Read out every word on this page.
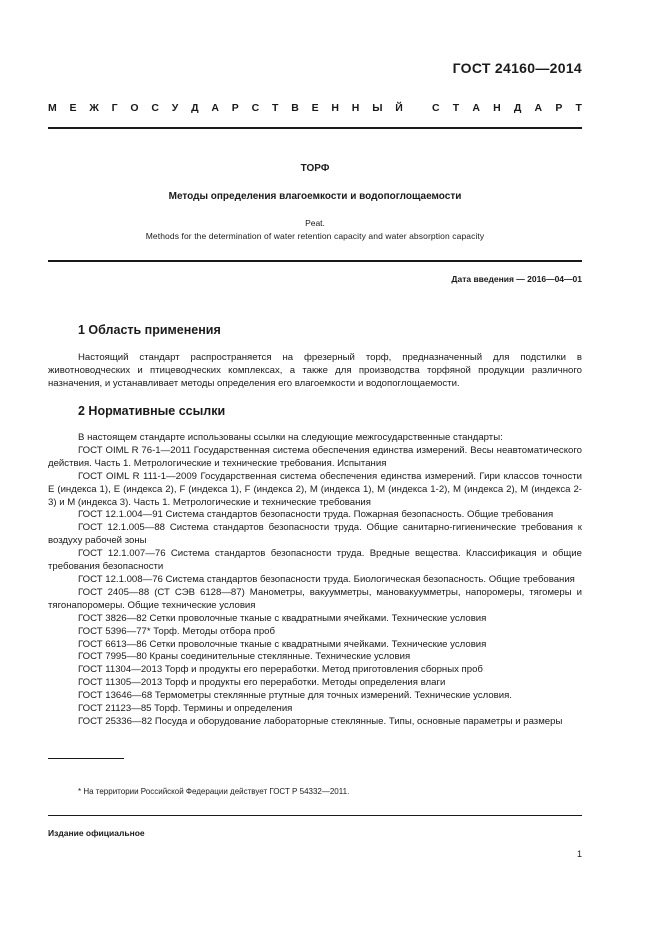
ГОСТ 24160—2014
М Е Ж Г О С У Д А Р С Т В Е Н Н Ы Й	С Т А Н Д А Р Т
ТОРФ
Методы определения влагоемкости и водопоглощаемости
Peat.
Methods for the determination of water retention capacity and water absorption capacity
Дата введения — 2016—04—01
1 Область применения

Настоящий стандарт распространяется на фрезерный торф, предназначенный для подстилки в животноводческих и птицеводческих комплексах, а также для производства торфяной продукции различного назначения, и устанавливает методы определения его влагоемкости и водопоглощаемости.

2 Нормативные ссылки

В настоящем стандарте использованы ссылки на следующие межгосударственные стандарты:

ГОСТ OIML R 76-1—2011 Государственная система обеспечения единства измерений. Весы неавтоматического действия. Часть 1. Метрологические и технические требования. Испытания

ГОСТ OIML R 111-1—2009 Государственная система обеспечения единства измерений. Гири классов точности E (индекса 1), E (индекса 2), F (индекса 1), F (индекса 2), M (индекса 1), M (индекса 1-2), M (индекса 2), M (индекса 2-3) и M (индекса 3). Часть 1. Метрологические и технические требования

ГОСТ 12.1.004—91 Система стандартов безопасности труда. Пожарная безопасность. Общие требования

ГОСТ 12.1.005—88 Система стандартов безопасности труда. Общие санитарно-гигиенические требования к воздуху рабочей зоны

ГОСТ 12.1.007—76 Система стандартов безопасности труда. Вредные вещества. Классификация и общие требования безопасности

ГОСТ 12.1.008—76 Система стандартов безопасности труда. Биологическая безопасность. Общие требования

ГОСТ 2405—88 (СТ СЭВ 6128—87) Манометры, вакуумметры, мановакуумметры, напоромеры, тягомеры и тягонапоромеры. Общие технические условия

ГОСТ 3826—82 Сетки проволочные тканые с квадратными ячейками. Технические условия

ГОСТ 5396—77* Торф. Методы отбора проб

ГОСТ 6613—86 Сетки проволочные тканые с квадратными ячейками. Технические условия

ГОСТ 7995—80 Краны соединительные стеклянные. Технические условия

ГОСТ 11304—2013 Торф и продукты его переработки. Метод приготовления сборных проб

ГОСТ 11305—2013 Торф и продукты его переработки. Методы определения влаги

ГОСТ 13646—68 Термометры стеклянные ртутные для точных измерений. Технические условия.

ГОСТ 21123—85 Торф. Термины и определения

ГОСТ 25336—82 Посуда и оборудование лабораторные стеклянные. Типы, основные параметры и размеры

* На территории Российской Федерации действует ГОСТ Р 54332—2011.
Издание официальное
1
